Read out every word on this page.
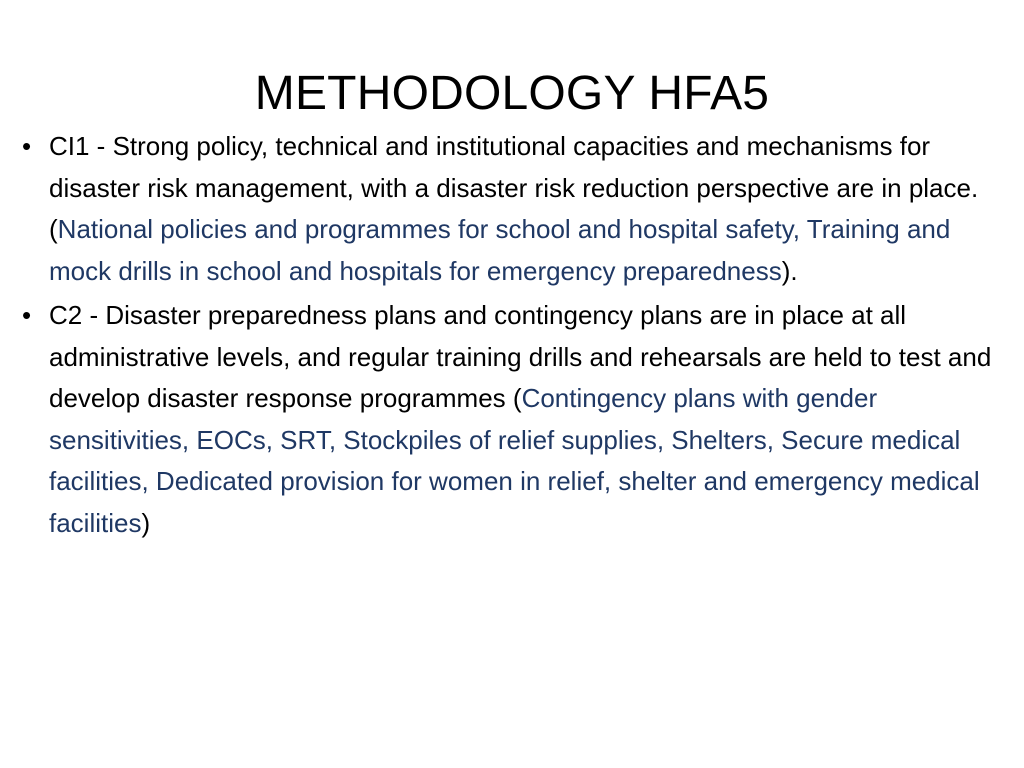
METHODOLOGY HFA5
• CI1 - Strong policy, technical and institutional capacities and mechanisms for disaster risk management, with a disaster risk reduction perspective are in place. (National policies and programmes for school and hospital safety, Training and mock drills in school and hospitals for emergency preparedness).
• C2 - Disaster preparedness plans and contingency plans are in place at all administrative levels, and regular training drills and rehearsals are held to test and develop disaster response programmes (Contingency plans with gender sensitivities, EOCs, SRT, Stockpiles of relief supplies, Shelters, Secure medical facilities, Dedicated provision for women in relief, shelter and emergency medical facilities)
